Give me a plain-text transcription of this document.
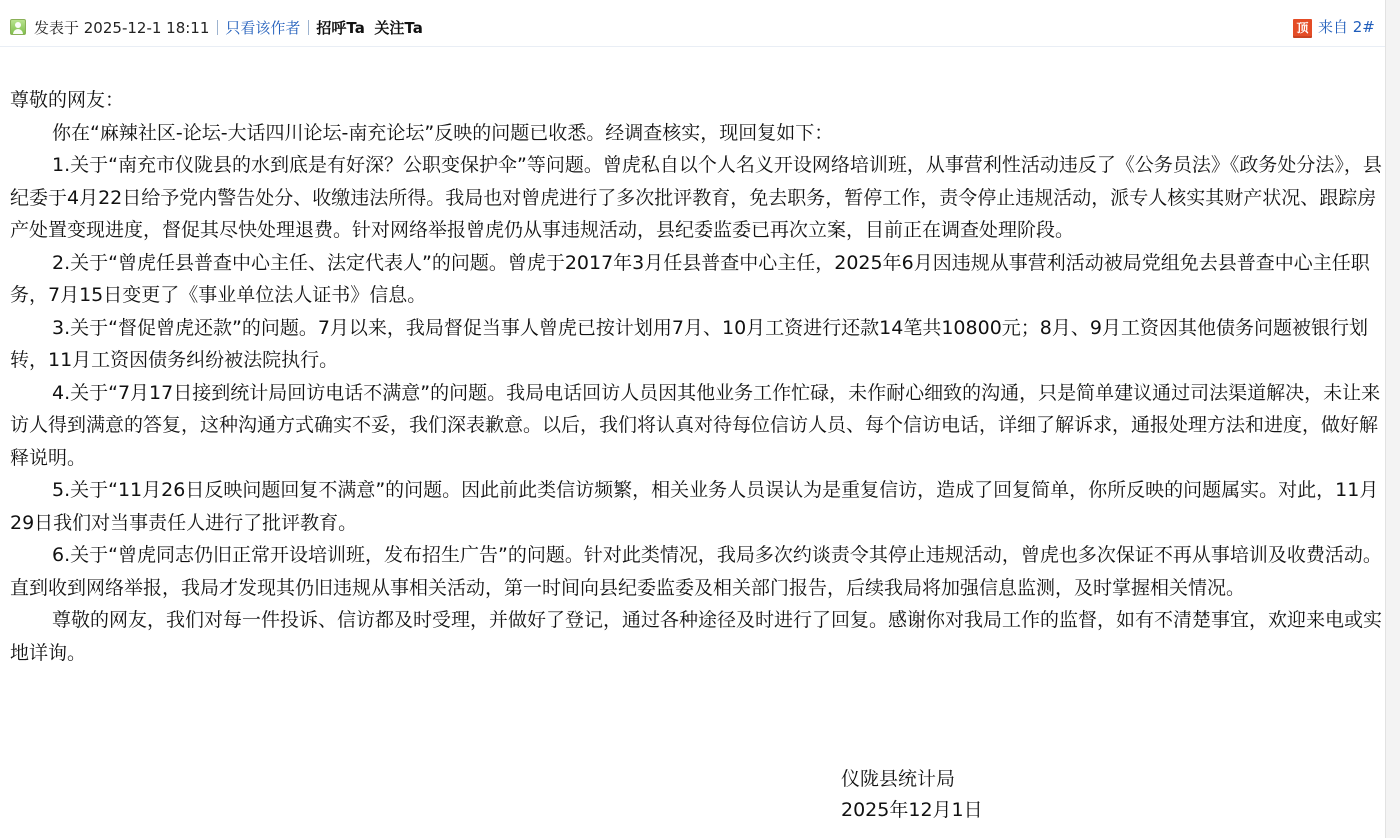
发表于 2025-12-1 18:11 只看该作者 招呼Ta 关注Ta	顶 来自 2#

尊敬的网友：

你在“麻辣社区-论坛-大话四川论坛-南充论坛”反映的问题已收悉。经调查核实，现回复如下：

1.关于“南充市仪陇县的水到底是有好深？公职变保护伞”等问题。曾虎私自以个人名义开设网络培训班，从事营利性活动违反了《公务员法》《政务处分法》，县纪委于4月22日给予党内警告处分、收缴违法所得。我局也对曾虎进行了多次批评教育，免去职务，暂停工作，责令停止违规活动，派专人核实其财产状况、跟踪房产处置变现进度，督促其尽快处理退费。针对网络举报曾虎仍从事违规活动，县纪委监委已再次立案，目前正在调查处理阶段。

2.关于“曾虎任县普查中心主任、法定代表人”的问题。曾虎于2017年3月任县普查中心主任，2025年6月因违规从事营利活动被局党组免去县普查中心主任职务，7月15日变更了《事业单位法人证书》信息。

3.关于“督促曾虎还款”的问题。7月以来，我局督促当事人曾虎已按计划用7月、10月工资进行还款14笔共10800元；8月、9月工资因其他债务问题被银行划转，11月工资因债务纠纷被法院执行。

4.关于“7月17日接到统计局回访电话不满意”的问题。我局电话回访人员因其他业务工作忙碌，未作耐心细致的沟通，只是简单建议通过司法渠道解决，未让来访人得到满意的答复，这种沟通方式确实不妥，我们深表歉意。以后，我们将认真对待每位信访人员、每个信访电话，详细了解诉求，通报处理方法和进度，做好解释说明。

5.关于“11月26日反映问题回复不满意”的问题。因此前此类信访频繁，相关业务人员误认为是重复信访，造成了回复简单，你所反映的问题属实。对此，11月29日我们对当事责任人进行了批评教育。

6.关于“曾虎同志仍旧正常开设培训班，发布招生广告”的问题。针对此类情况，我局多次约谈责令其停止违规活动，曾虎也多次保证不再从事培训及收费活动。直到收到网络举报，我局才发现其仍旧违规从事相关活动，第一时间向县纪委监委及相关部门报告，后续我局将加强信息监测，及时掌握相关情况。

尊敬的网友，我们对每一件投诉、信访都及时受理，并做好了登记，通过各种途径及时进行了回复。感谢你对我局工作的监督，如有不清楚事宜，欢迎来电或实地详询。

仪陇县统计局
2025年12月1日
